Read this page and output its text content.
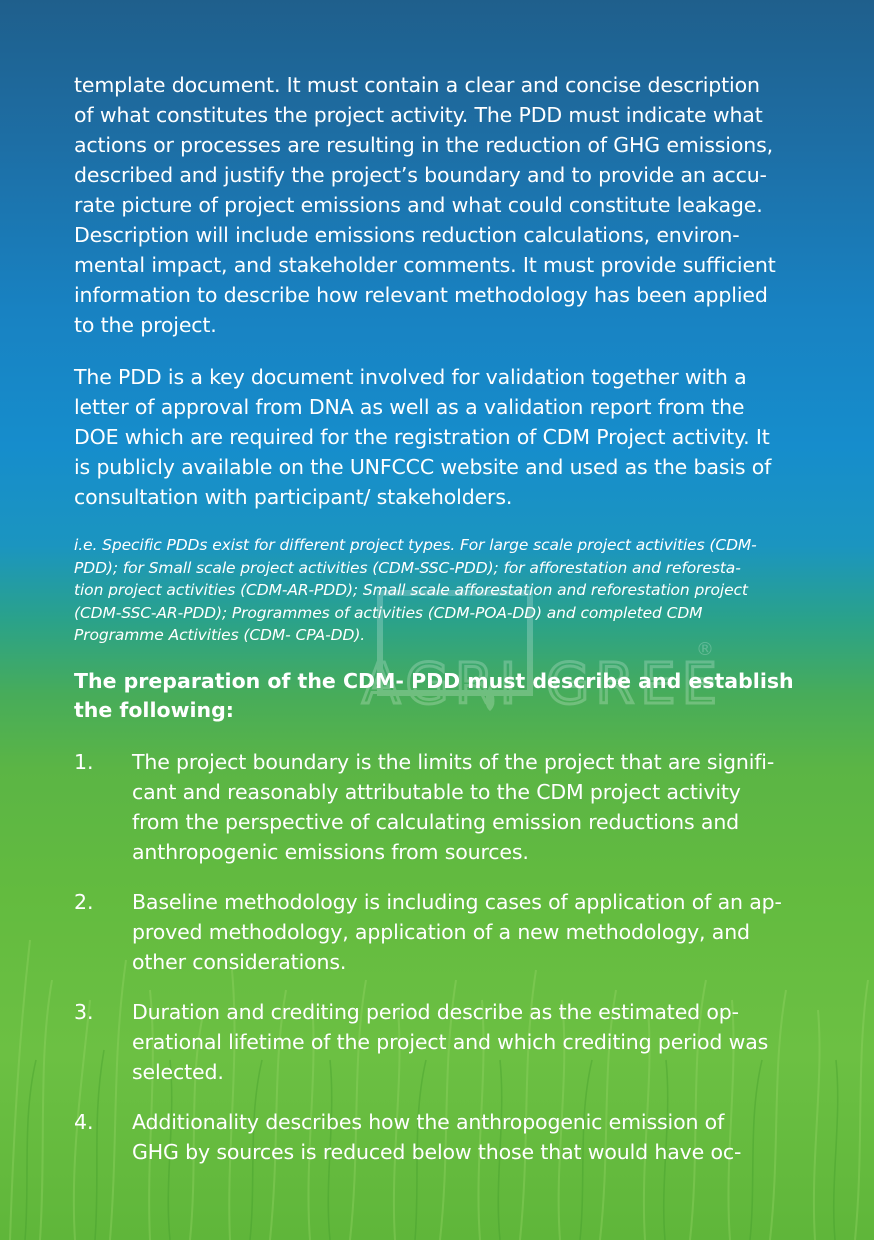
AGRI GREE
®

template document. It must contain a clear and concise description
of what constitutes the project activity. The PDD must indicate what
actions or processes are resulting in the reduction of GHG emissions,
described and justify the project’s boundary and to provide an accu-
rate picture of project emissions and what could constitute leakage.
Description will include emissions reduction calculations, environ-
mental impact, and stakeholder comments. It must provide sufficient
information to describe how relevant methodology has been applied
to the project.

The PDD is a key document involved for validation together with a
letter of approval from DNA as well as a validation report from the
DOE which are required for the registration of CDM Project activity. It
is publicly available on the UNFCCC website and used as the basis of
consultation with participant/ stakeholders.

i.e. Specific PDDs exist for different project types. For large scale project activities (CDM-
PDD); for Small scale project activities (CDM-SSC-PDD); for afforestation and reforesta-
tion project activities (CDM-AR-PDD); Small scale afforestation and reforestation project
(CDM-SSC-AR-PDD); Programmes of activities (CDM-POA-DD) and completed CDM
Programme Activities (CDM- CPA-DD).

The preparation of the CDM- PDD must describe and establish
the following:
1. The project boundary is the limits of the project that are signifi-
cant and reasonably attributable to the CDM project activity
from the perspective of calculating emission reductions and
anthropogenic emissions from sources.
2. Baseline methodology is including cases of application of an ap-
proved methodology, application of a new methodology, and
other considerations.
3. Duration and crediting period describe as the estimated op-
erational lifetime of the project and which crediting period was
selected.
4. Additionality describes how the anthropogenic emission of
GHG by sources is reduced below those that would have oc-
